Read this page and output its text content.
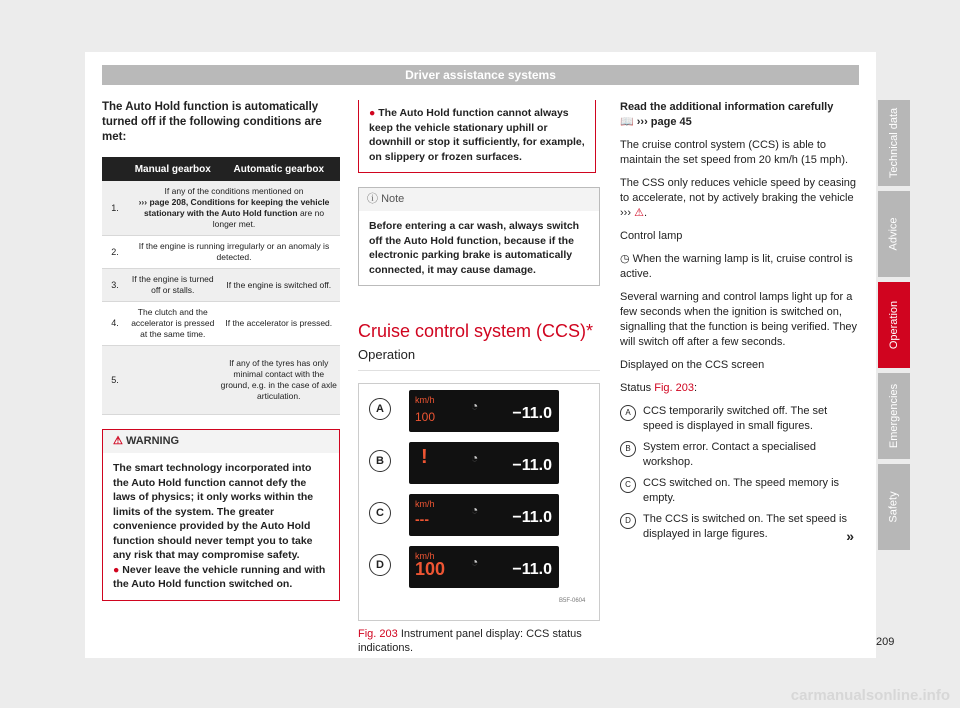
Driver assistance systems

The Auto Hold function is automatically turned off if the following conditions are met:

	Manual gearbox	Automatic gearbox
1.	If any of the conditions mentioned on
››› page 208, Conditions for keeping the vehicle stationary with the Auto Hold function are no longer met.	
2.	If the engine is running irregularly or an anomaly is detected.	
3.	If the engine is turned off or stalls.	If the engine is switched off.
4.	The clutch and the accelerator is pressed at the same time.	If the accelerator is pressed.
5.		If any of the tyres has only minimal contact with the ground, e.g. in the case of axle articulation.
⚠ WARNING
The smart technology incorporated into the Auto Hold function cannot defy the laws of physics; it only works within the limits of the system. The greater convenience provided by the Auto Hold function should never tempt you to take any risk that may compromise safety.
● Never leave the vehicle running and with the Auto Hold function switched on.
● The Auto Hold function cannot always keep the vehicle stationary uphill or downhill or stop it sufficiently, for example, on slippery or frozen surfaces.
ⓘ Note
Before entering a car wash, always switch off the Auto Hold function, because if the electronic parking brake is automatically connected, it may cause damage.
Cruise control system (CCS)*
Operation
A
km/h
100
◔ −11.0
B	!	◔ −11.0
C
km/h
---
◔ −11.0
D
km/h
100 ◔ −11.0
B5F-0604
Fig. 203 Instrument panel display: CCS status indications.

Read the additional information carefully
📖 ››› page 45

The cruise control system (CCS) is able to maintain the set speed from 20 km/h (15 mph).

The CSS only reduces vehicle speed by ceasing to accelerate, not by actively braking the vehicle ››› ⚠.

Control lamp

◷ When the warning lamp is lit, cruise control is active.

Several warning and control lamps light up for a few seconds when the ignition is switched on, signalling that the function is being verified. They will switch off after a few seconds.

Displayed on the CCS screen

Status Fig. 203:

A	CCS temporarily switched off. The set speed is displayed in small figures.
B	System error. Contact a specialised workshop.
C	CCS switched on. The speed memory is empty.
D	The CCS is switched on. The set speed is displayed in large figures.	»
Technical data
Advice
Operation
Emergencies
Safety
209
carmanualsonline.info
